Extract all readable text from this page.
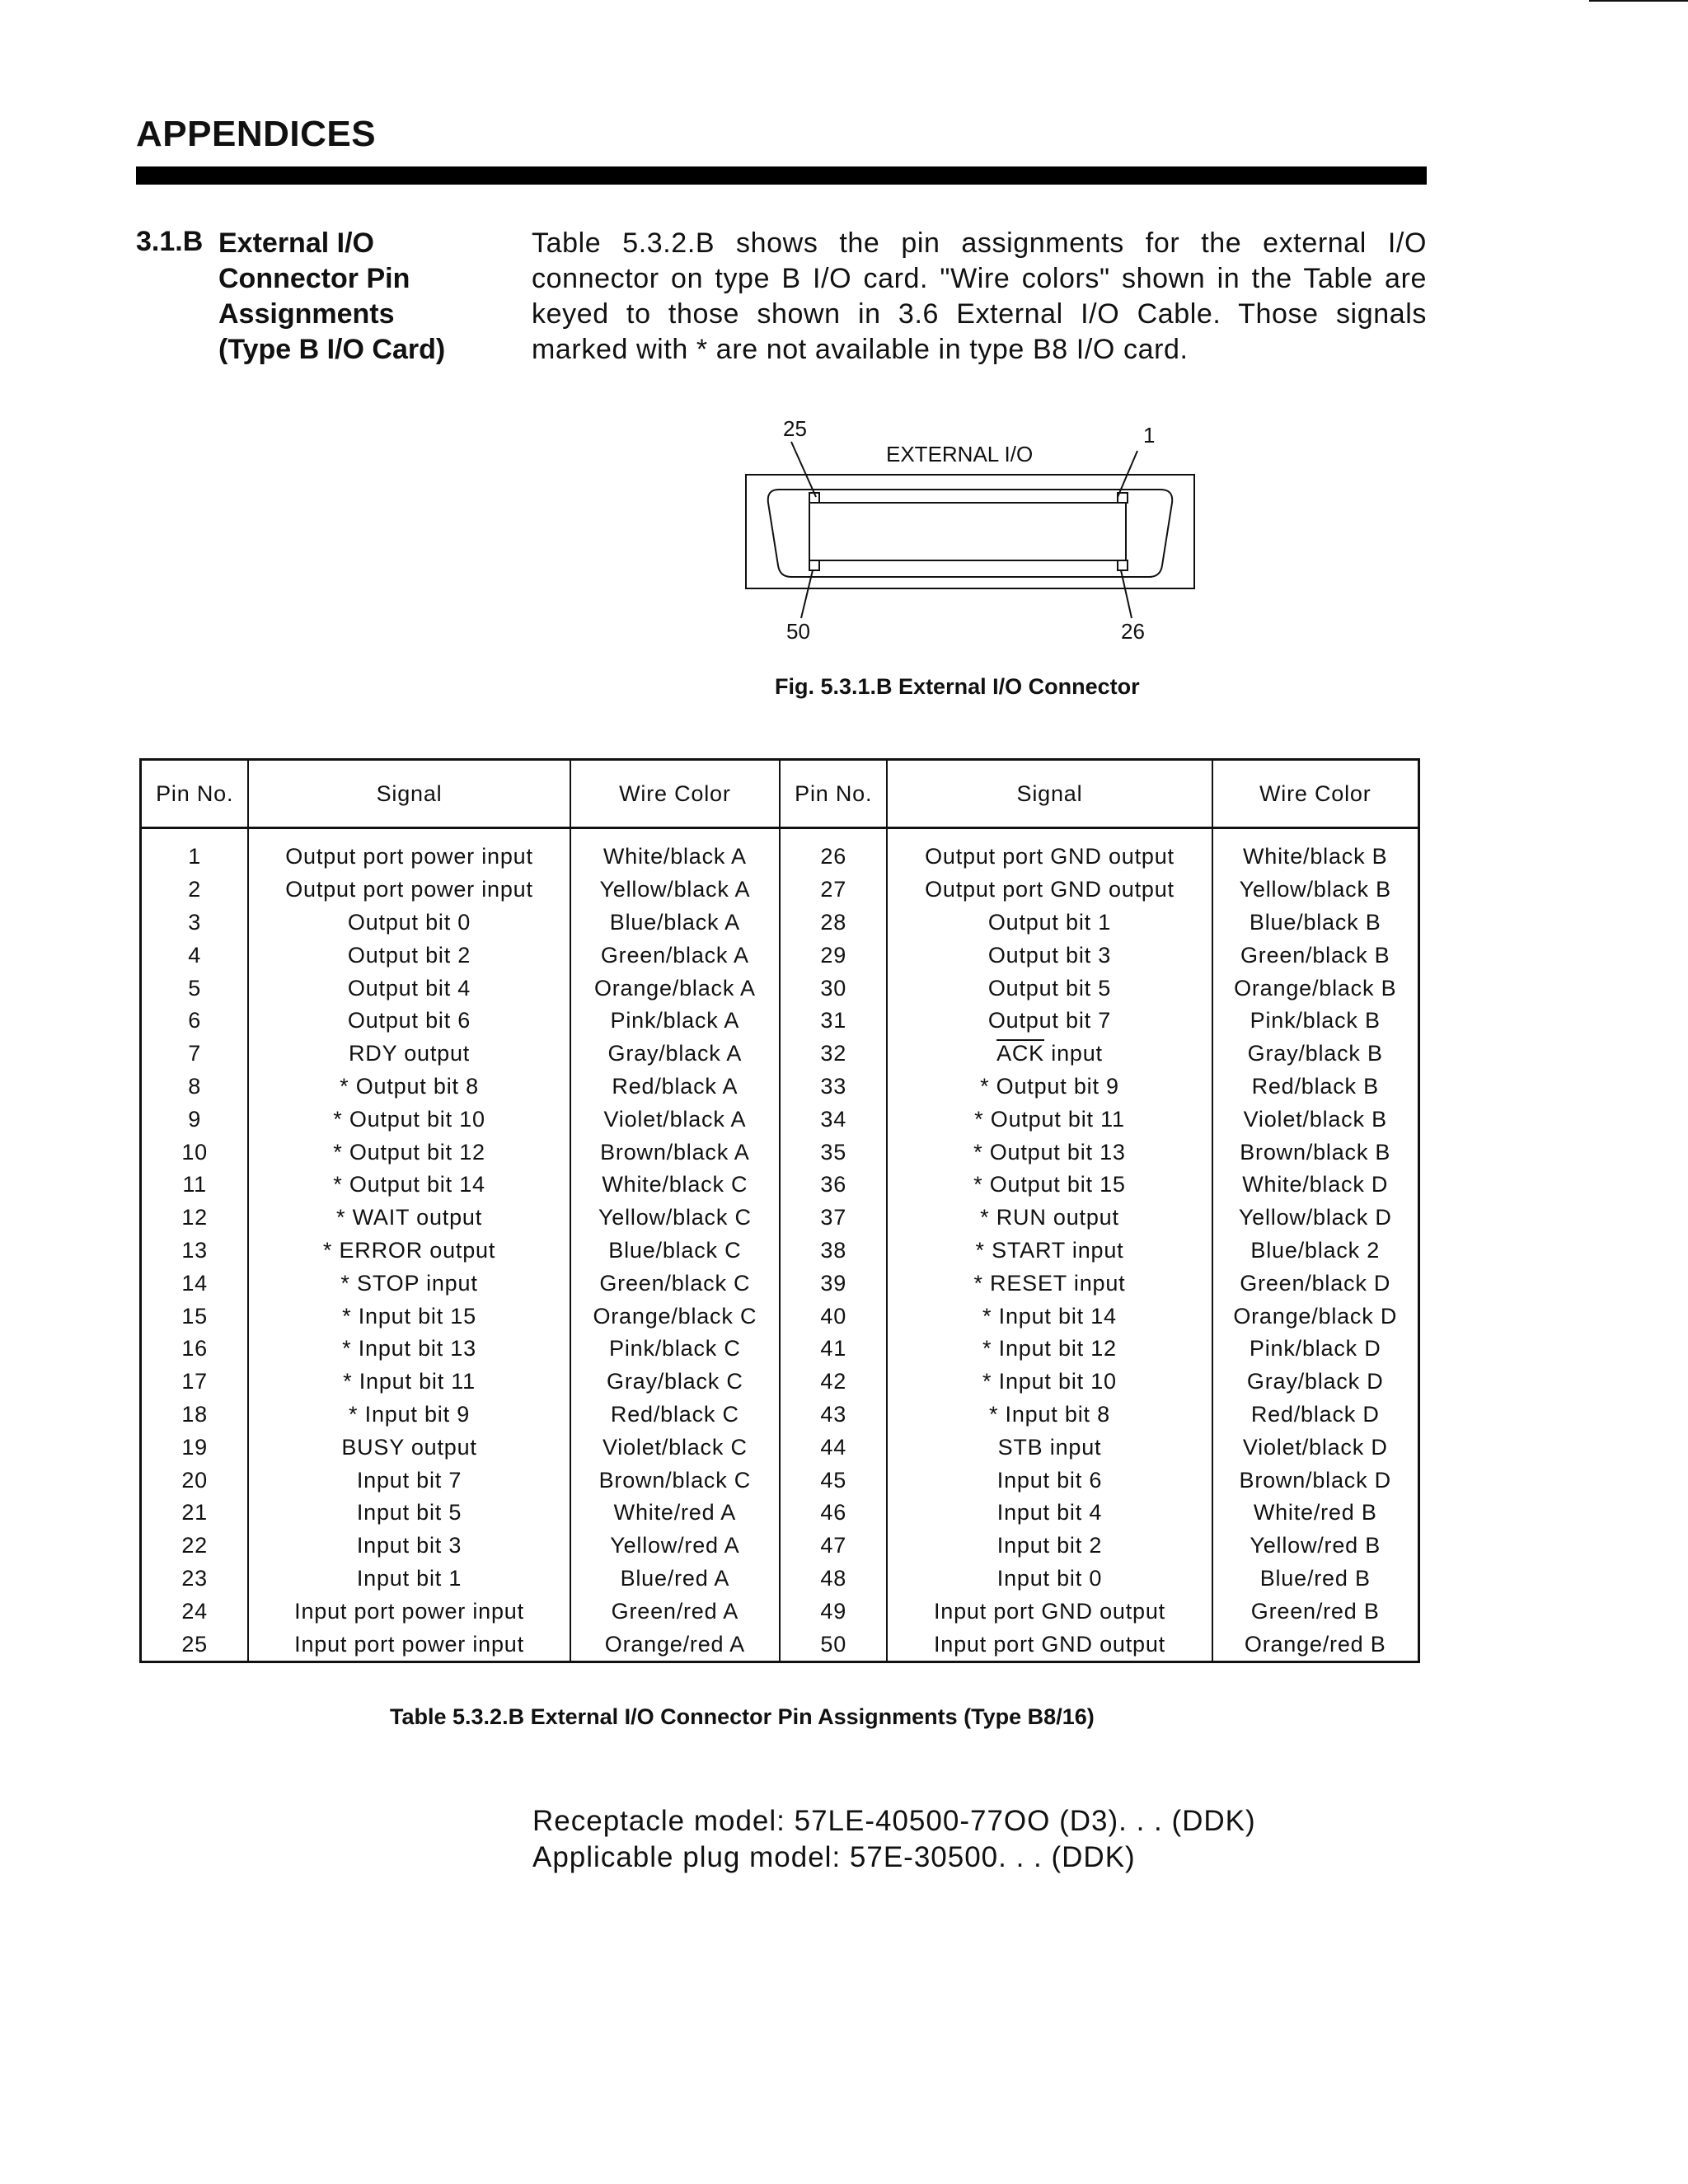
APPENDICES
3.1.B External I/O
Connector Pin
Assignments
(Type B I/O Card)
Table 5.3.2.B shows the pin assignments for the external I/O connector on type B I/O card. "Wire colors" shown in the Table are keyed to those shown in 3.6 External I/O Cable. Those signals marked with * are not available in type B8 I/O card.
25	1
EXTERNAL I/O
50	26
Fig. 5.3.1.B External I/O Connector
Pin No.	Signal	Wire Color	Pin No.	Signal	Wire Color

1	Output port power input	White/black A	26	Output port GND output	White/black B
2	Output port power input	Yellow/black A	27	Output port GND output	Yellow/black B
3	Output bit 0	Blue/black A	28	Output bit 1	Blue/black B
4	Output bit 2	Green/black A	29	Output bit 3	Green/black B
5	Output bit 4	Orange/black A	30	Output bit 5	Orange/black B
6	Output bit 6	Pink/black A	31	Output bit 7	Pink/black B
7	RDY output	Gray/black A	32	$\overline{ACK}$ input	Gray/black B
8	* Output bit 8	Red/black A	33	* Output bit 9	Red/black B
9	* Output bit 10	Violet/black A	34	* Output bit 11	Violet/black B
10	* Output bit 12	Brown/black A	35	* Output bit 13	Brown/black B
11	* Output bit 14	White/black C	36	* Output bit 15	White/black D
12	* WAIT output	Yellow/black C	37	* RUN output	Yellow/black D
13	* ERROR output	Blue/black C	38	* START input	Blue/black 2
14	* STOP input	Green/black C	39	* RESET input	Green/black D
15	* Input bit 15	Orange/black C	40	* Input bit 14	Orange/black D
16	* Input bit 13	Pink/black C	41	* Input bit 12	Pink/black D
17	* Input bit 11	Gray/black C	42	* Input bit 10	Gray/black D
18	* Input bit 9	Red/black C	43	* Input bit 8	Red/black D
19	BUSY output	Violet/black C	44	STB input	Violet/black D
20	Input bit 7	Brown/black C	45	Input bit 6	Brown/black D
21	Input bit 5	White/red A	46	Input bit 4	White/red B
22	Input bit 3	Yellow/red A	47	Input bit 2	Yellow/red B
23	Input bit 1	Blue/red A	48	Input bit 0	Blue/red B
24	Input port power input	Green/red A	49	Input port GND output	Green/red B
25	Input port power input	Orange/red A	50	Input port GND output	Orange/red B
Table 5.3.2.B External I/O Connector Pin Assignments (Type B8/16)
Receptacle model: 57LE-40500-77OO (D3). . . (DDK)
Applicable plug model: 57E-30500. . . (DDK)
